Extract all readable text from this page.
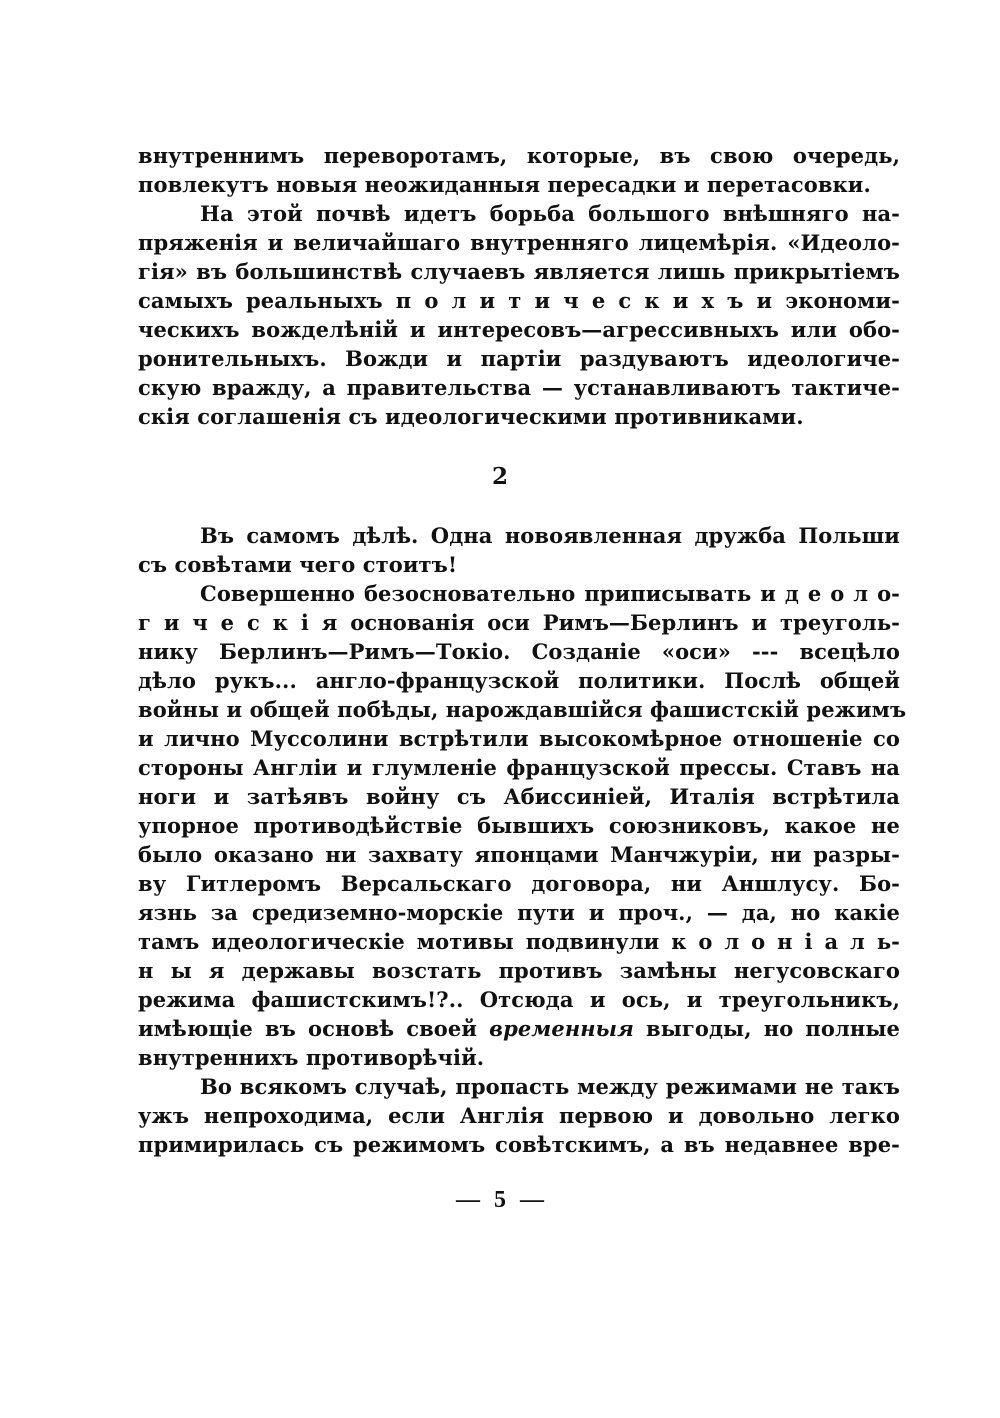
внутреннимъ переворотамъ, которые, въ свою очередь,
повлекутъ новыя неожиданныя пересадки и перетасовки.
На этой почвѣ идетъ борьба большого внѣшняго на-
пряженія и величайшаго внутренняго лицемѣрія. «Идеоло-
гія» въ большинствѣ случаевъ является лишь прикрытіемъ
самыхъ реальныхъ п о л и т и ч е с к и х ъ и экономи-
ческихъ вожделѣній и интересовъ—агрессивныхъ или обо-
ронительныхъ. Вожди и партіи раздуваютъ идеологиче-
скую вражду, а правительства — устанавливаютъ тактиче-
скія соглашенія съ идеологическими противниками.
2
Въ самомъ дѣлѣ. Одна новоявленная дружба Польши
съ совѣтами чего стоитъ!
Совершенно безосновательно приписывать и д е о л о-
г и ч е с к і я основанія оси Римъ—Берлинъ и треуголь-
нику Берлинъ—Римъ—Токіо. Созданіе «оси» --- всецѣло
дѣло рукъ... англо-французской политики. Послѣ общей
войны и общей побѣды, нарождавшійся фашистскій режимъ
и лично Муссолини встрѣтили высокомѣрное отношеніе со
стороны Англіи и глумленіе французской прессы. Ставъ на
ноги и затѣявъ войну съ Абиссиніей, Италія встрѣтила
упорное противодѣйствіе бывшихъ союзниковъ, какое не
было оказано ни захвату японцами Манчжуріи, ни разры-
ву Гитлеромъ Версальскаго договора, ни Аншлусу. Бо-
язнь за средиземно-морскіе пути и проч., — да, но какіе
тамъ идеологическіе мотивы подвинули к о л о н і а л ь-
н ы я державы возстать противъ замѣны негусовскаго
режима фашистскимъ!?.. Отсюда и ось, и треугольникъ,
имѣющіе въ основѣ своей временныя выгоды, но полные
внутреннихъ противорѣчій.
Во всякомъ случаѣ, пропасть между режимами не такъ
ужъ непроходима, если Англія первою и довольно легко
примирилась съ режимомъ совѣтскимъ, а въ недавнее вре-
— 5 —
